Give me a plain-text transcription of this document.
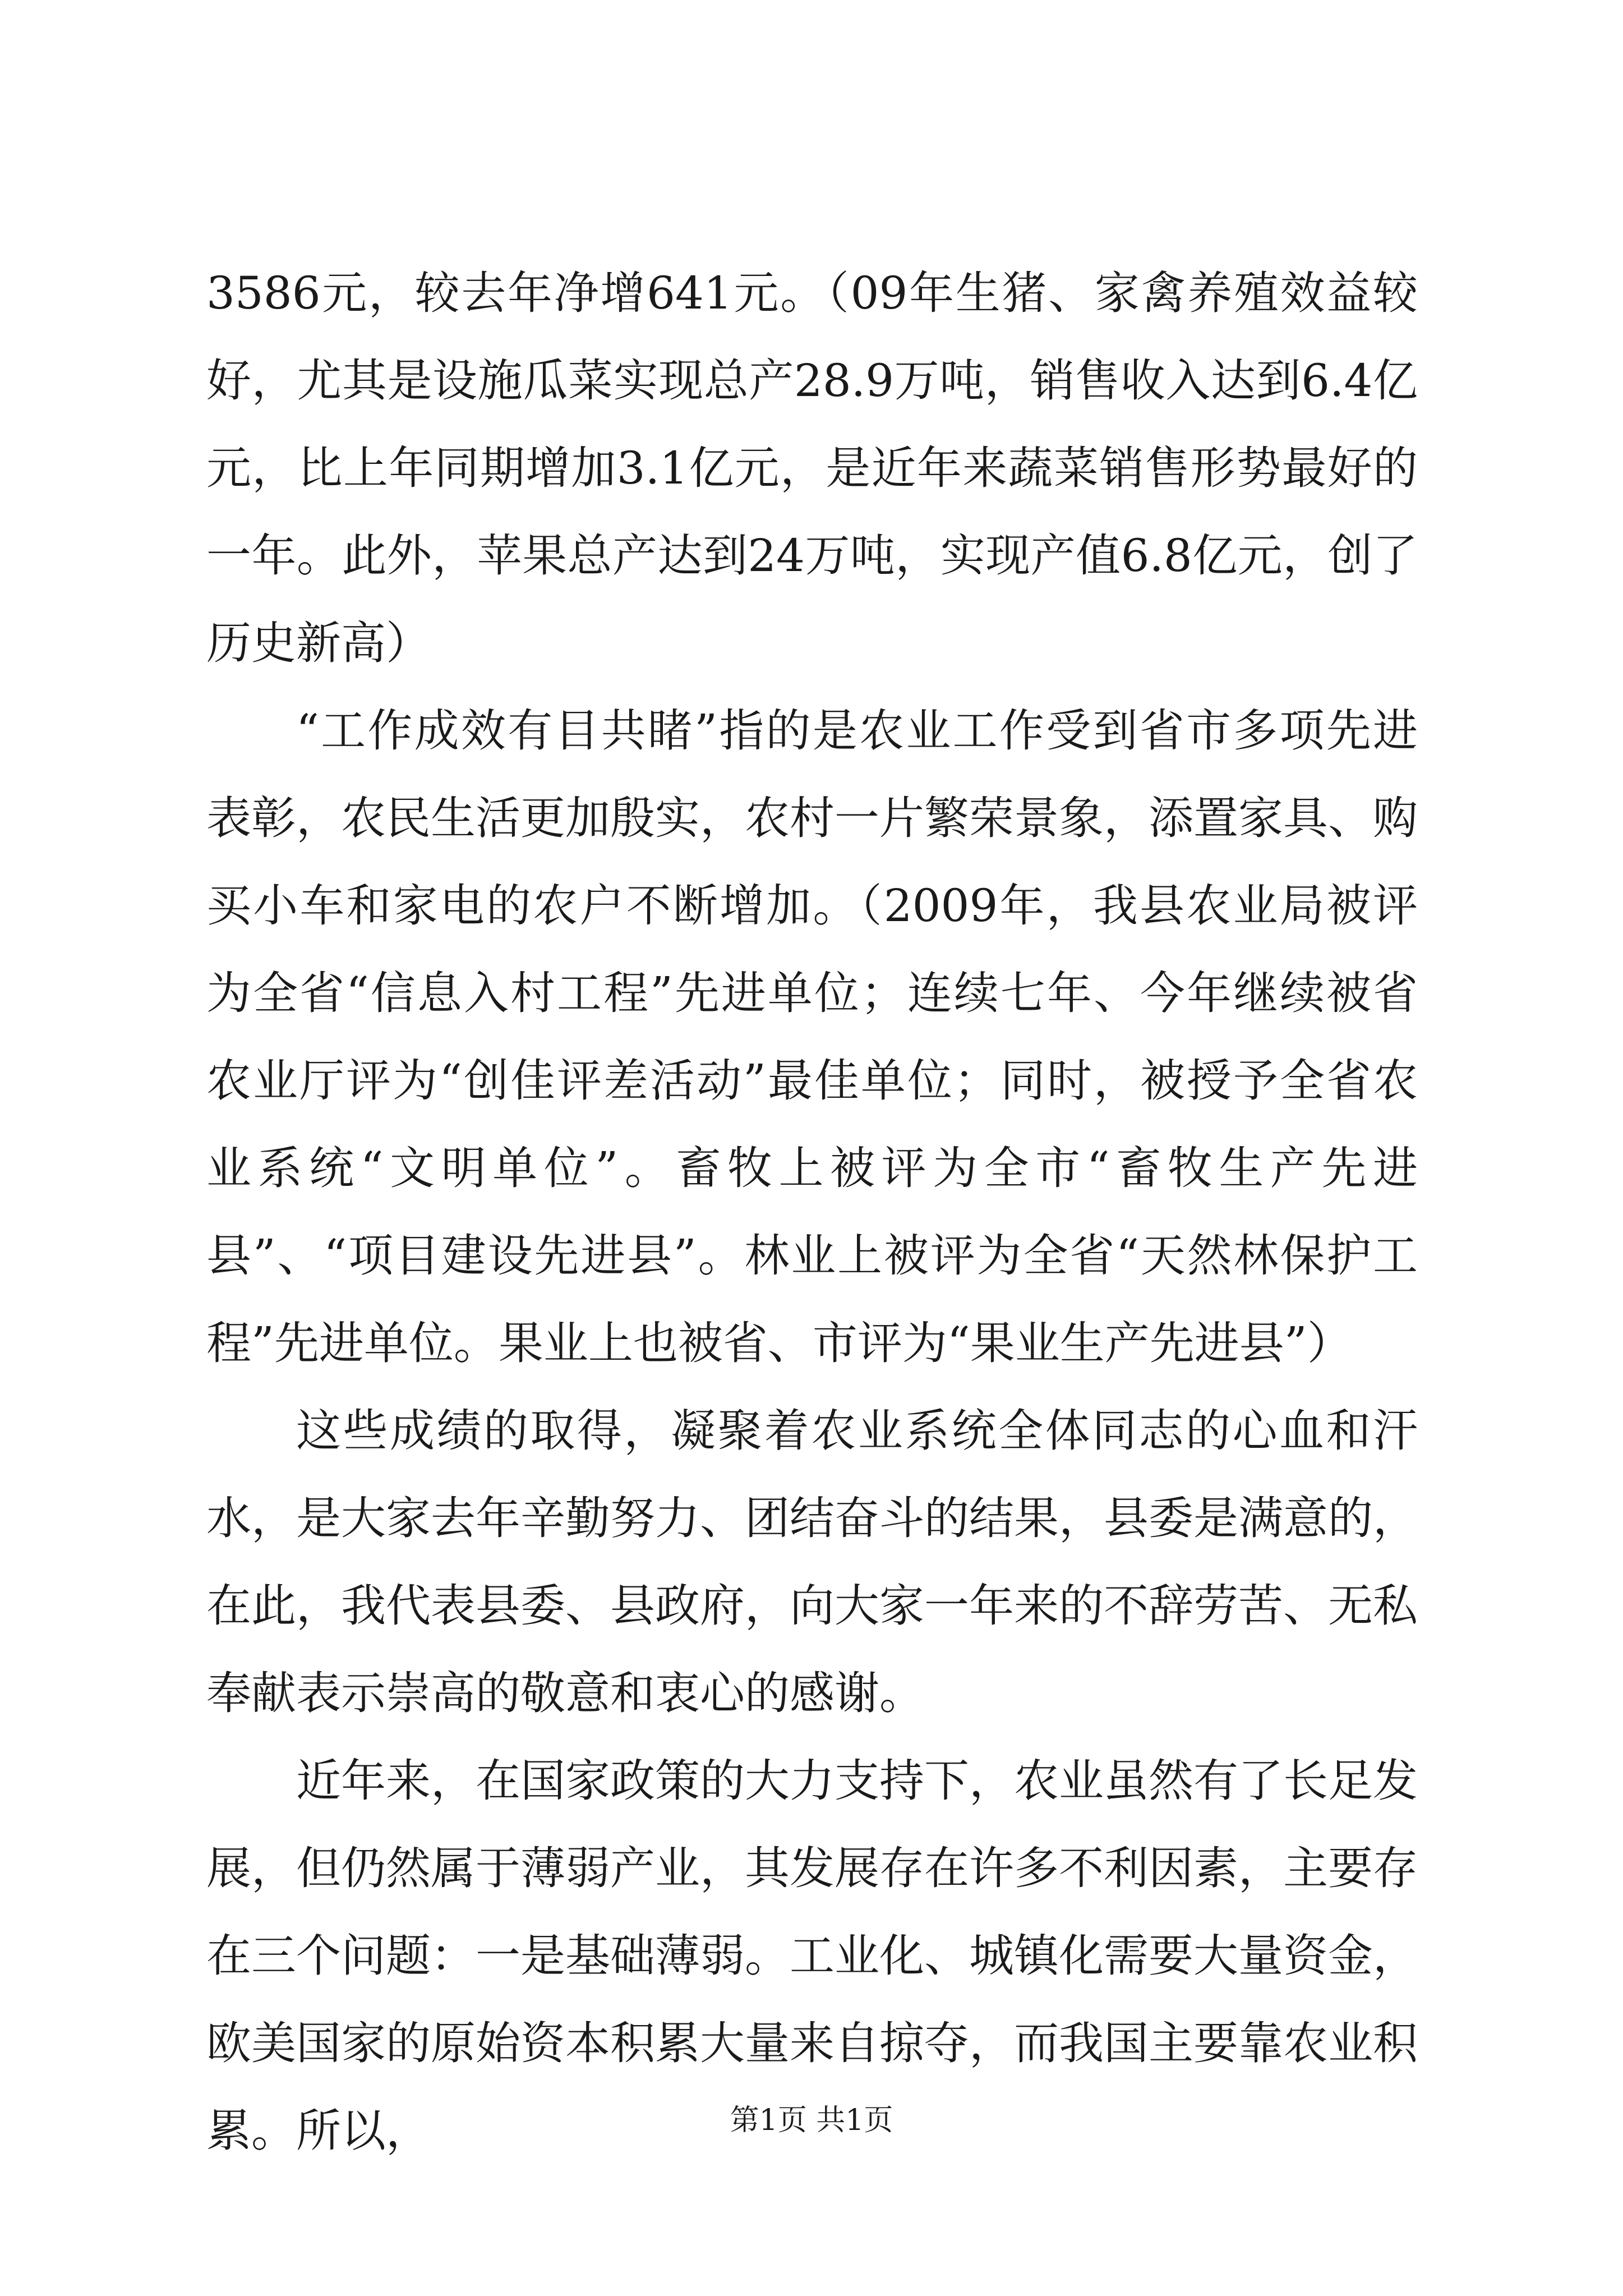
3586元，较去年净增641元。（09年生猪、家禽养殖效益较好，尤其是设施瓜菜实现总产28.9万吨，销售收入达到6.4亿元，比上年同期增加3.1亿元，是近年来蔬菜销售形势最好的一年。此外，苹果总产达到24万吨，实现产值6.8亿元，创了历史新高）

“工作成效有目共睹”指的是农业工作受到省市多项先进表彰，农民生活更加殷实，农村一片繁荣景象，添置家具、购买小车和家电的农户不断增加。（2009年，我县农业局被评为全省“信息入村工程”先进单位；连续七年、今年继续被省农业厅评为“创佳评差活动”最佳单位；同时，被授予全省农业系统“文明单位”。畜牧上被评为全市“畜牧生产先进县”、“项目建设先进县”。林业上被评为全省“天然林保护工程”先进单位。果业上也被省、市评为“果业生产先进县”）

这些成绩的取得，凝聚着农业系统全体同志的心血和汗水，是大家去年辛勤努力、团结奋斗的结果，县委是满意的，在此，我代表县委、县政府，向大家一年来的不辞劳苦、无私奉献表示崇高的敬意和衷心的感谢。

近年来，在国家政策的大力支持下，农业虽然有了长足发展，但仍然属于薄弱产业，其发展存在许多不利因素，主要存在三个问题：一是基础薄弱。工业化、城镇化需要大量资金，欧美国家的原始资本积累大量来自掠夺，而我国主要靠农业积累。所以，	第1页 共1页
